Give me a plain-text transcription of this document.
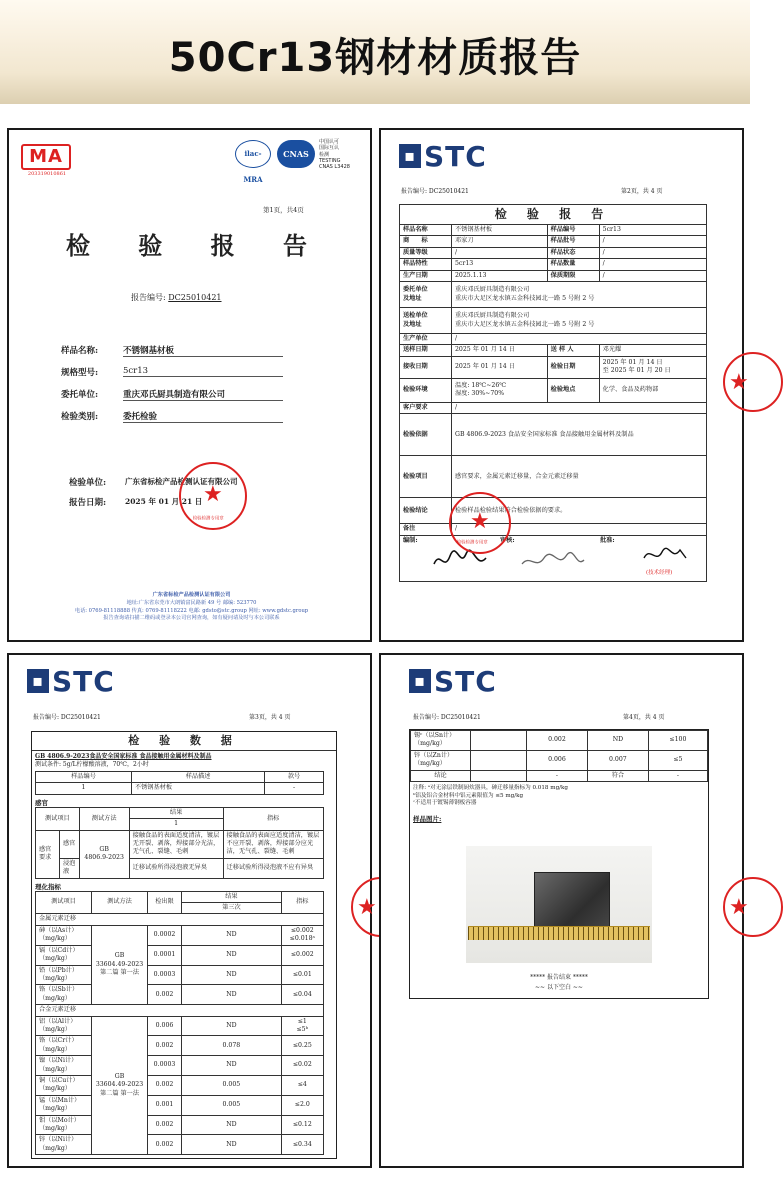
50Cr13钢材材质报告
MA
203319010861
ilac-MRA
CNAS
中国认可
国际互认
检测
TESTING
CNAS L3428
第1页，共4页
检 验 报 告
报告编号: DC25010421
样品名称:	不锈钢基材板
规格型号:	5cr13
委托单位:	重庆邓氏厨具制造有限公司
检验类别:	委托检验
检验单位:	广东省标检产品检测认证有限公司
报告日期:	2025 年 01 月 21 日 ★
检验检测专用章
广东省标检产品检测认证有限公司
地址:广东省东莞市大朗镇富民路新 49 号 邮编: 523770
电话: 0769-81118888 传真: 0769-81118222 电邮: gdsto@stc.group 网址: www.gdstc.group
报告查询请扫描二维码或登录本公司官网查询，如有疑问请及时与本公司联系
▪ STC
报告编号: DC25010421	第2页，共 4 页
检 验 报 告			
样品名称	不锈钢基材板	样品编号	5cr13
商　　标	邓家刀	样品批号	/
质量等级	/	样品状态	/
样品特性	5cr13	样品数量	/
生产日期	2025.1.13	保质期限	/
委托单位
及地址	重庆邓氏厨具制造有限公司
重庆市大足区龙水镇五金科技园北一路 5 号附 2 号		
送检单位
及地址	重庆邓氏厨具制造有限公司
重庆市大足区龙水镇五金科技园北一路 5 号附 2 号		
生产单位	/		
送样日期	2025 年 01 月 14 日	送 样 人	邓光耀
接收日期	2025 年 01 月 14 日	检验日期	2025 年 01 月 14 日
至 2025 年 01 月 20 日
检验环境	温度: 18℃~26℃
湿度: 30%~70%	检验地点	化学、食品及药物部
客户要求	/		
检验依据	GB 4806.9-2023 食品安全国家标准 食品接触用金属材料及制品		
检验项目	感官要求，金属元素迁移量，合金元素迁移量		
检验结论	检验样品检验结果符合检验依据的要求。		
备注	/		
编制: 审核: 批准:
(技术经理)			
★
检验检测专用章
★
▪ STC
报告编号: DC25010421	第3页，共 4 页
检 验 数 据
GB 4806.9-2023食品安全国家标准 食品接触用金属材料及制品
测试条件: 5g/L柠檬酸溶液，70℃，2小时
样品编号	样品描述	款号
1	不锈钢基材板	-
感官
测试项目		测试方法	结果	指标
			1	
感官
要求	感官	GB
4806.9-2023	接触食品的表面适度清洁，镀层无开裂、剥落，焊接部分光洁，无气孔、裂缝、毛刺	接触食品的表面应适度清洁，镀层不应开裂、剥落，焊接部分应光洁，无气孔、裂缝、毛刺
	浸泡液		迁移试验所得浸泡液无异臭	迁移试验所得浸泡液不应有异臭
理化指标
测试项目	测试方法	检出限	结果	指标
			第三次	
金属元素迁移				
砷（以As计）
（mg/kg）	GB
33604.49-2023
第二篇 第一法	0.0002	ND	≤0.002
≤0.018ᵃ
镉（以Cd计）
（mg/kg）		0.0001	ND	≤0.002
铅（以Pb计）
（mg/kg）		0.0003	ND	≤0.01
铬（以Sb计）
（mg/kg）		0.002	ND	≤0.04
合金元素迁移				
铝（以Al计）
（mg/kg）	GB
33604.49-2023
第二篇 第一法	0.006	ND	≤1
≤5ᵇ
铬（以Cr计）
（mg/kg）		0.002	0.078	≤0.25
镍（以Ni计）
（mg/kg）		0.0003	ND	≤0.02
铜（以Cu计）
（mg/kg）		0.002	0.005	≤4
锰（以Mn计）
（mg/kg）		0.001	0.005	≤2.0
钼（以Mo计）
（mg/kg）		0.002	ND	≤0.12
锌（以Ni计）
（mg/kg）		0.002	ND	≤0.34
★
▪ STC
报告编号: DC25010421	第4页，共 4 页
锡ᶜ（以Sn计）
（mg/kg）		0.002	ND	≤100
锌（以Zn计）
（mg/kg）		0.006	0.007	≤5
结论		-	符合	-
注释: ᵃ对无涂层铁制厨炊器具，砷迁移量指标为 0.018 mg/kg
ᵇ铝及铝合金材料中铝元素限值为 ≤5 mg/kg
ᶜ不适用于镀锡薄钢板容器
样品图片:
***** 报告结束 *****
~~ 以下空白 ~~
★
